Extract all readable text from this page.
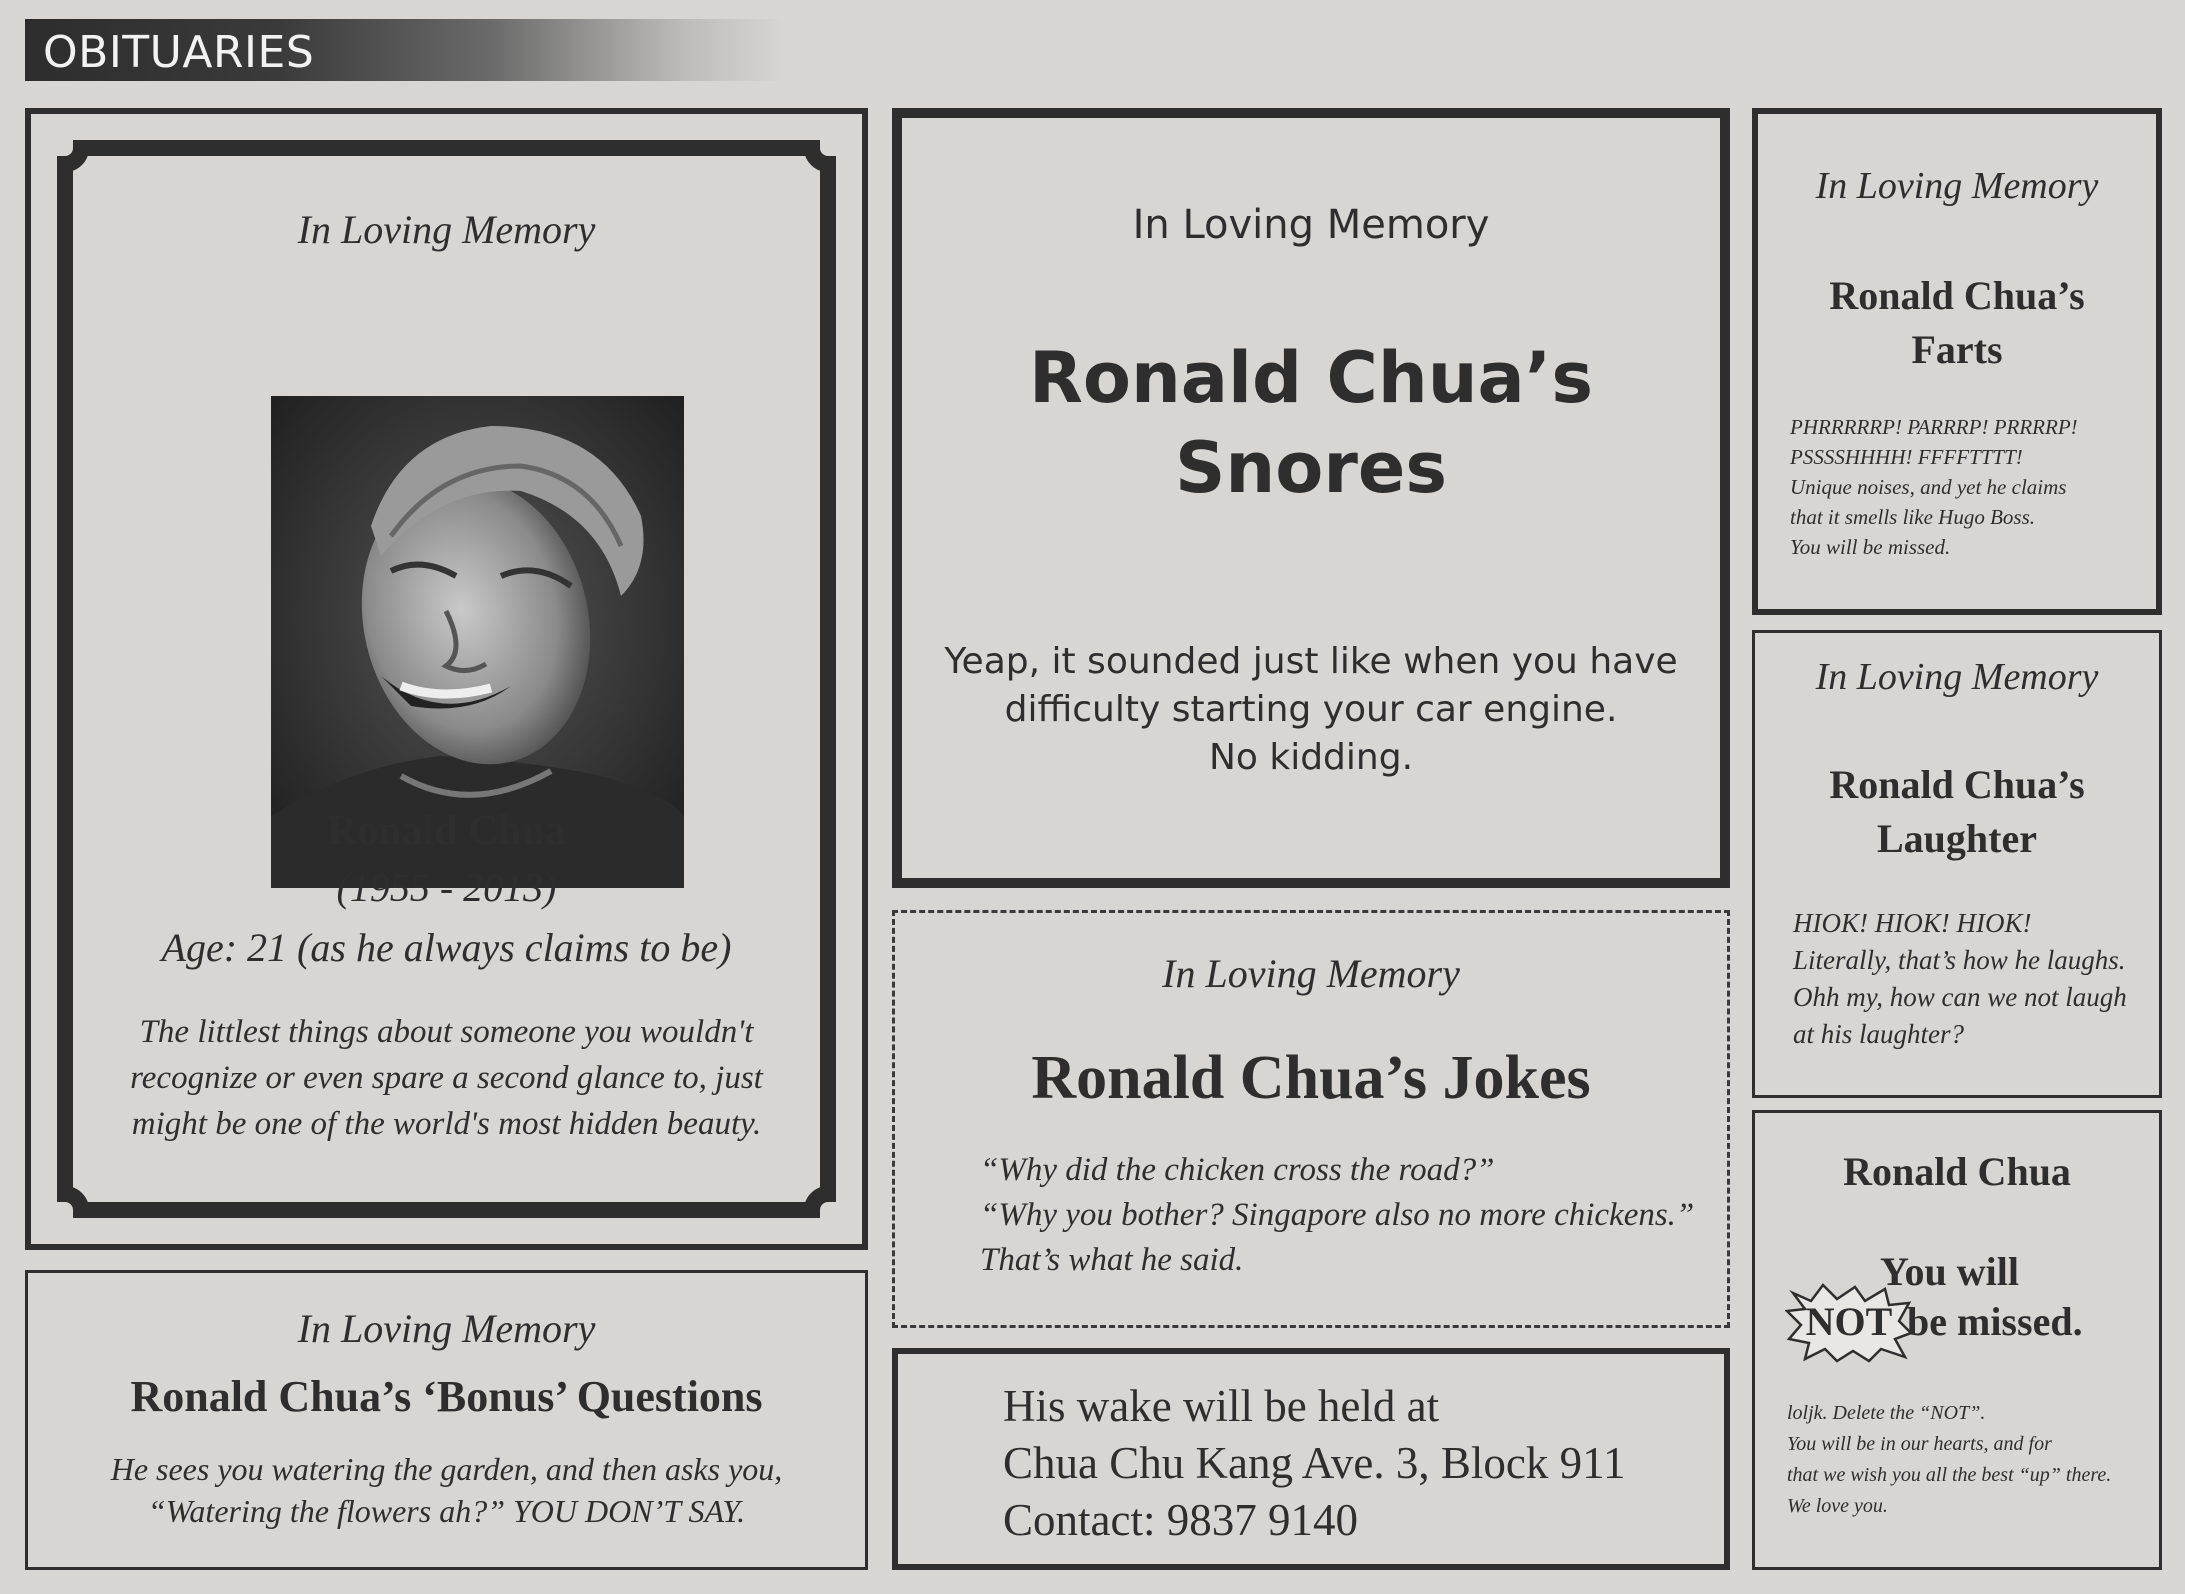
OBITUARIES
In Loving Memory
Ronald Chua
(1955 - 2013)
Age: 21 (as he always claims to be)

The littlest things about someone you wouldn't

recognize or even spare a second glance to, just

might be one of the world's most hidden beauty.

In Loving Memory
Ronald Chua’s ‘Bonus’ Questions

He sees you watering the garden, and then asks you,

“Watering the flowers ah?” YOU DON’T SAY.

In Loving Memory

Ronald Chua’s

Snores

Yeap, it sounded just like when you have

difficulty starting your car engine.

No kidding.

In Loving Memory
Ronald Chua’s Jokes

“Why did the chicken cross the road?”

“Why you bother? Singapore also no more chickens.”

That’s what he said.

His wake will be held at

Chua Chu Kang Ave. 3, Block 911

Contact: 9837 9140

In Loving Memory

Ronald Chua’s

Farts

PHRRRRRP! PARRRP! PRRRRP!

PSSSSHHHH! FFFFTTTT!

Unique noises, and yet he claims

that it smells like Hugo Boss.

You will be missed.

In Loving Memory

Ronald Chua’s

Laughter

HIOK! HIOK! HIOK!

Literally, that’s how he laughs.

Ohh my, how can we not laugh

at his laughter?

Ronald Chua
You will
NOT be missed.

loljk. Delete the “NOT”.

You will be in our hearts, and for

that we wish you all the best “up” there.

We love you.
